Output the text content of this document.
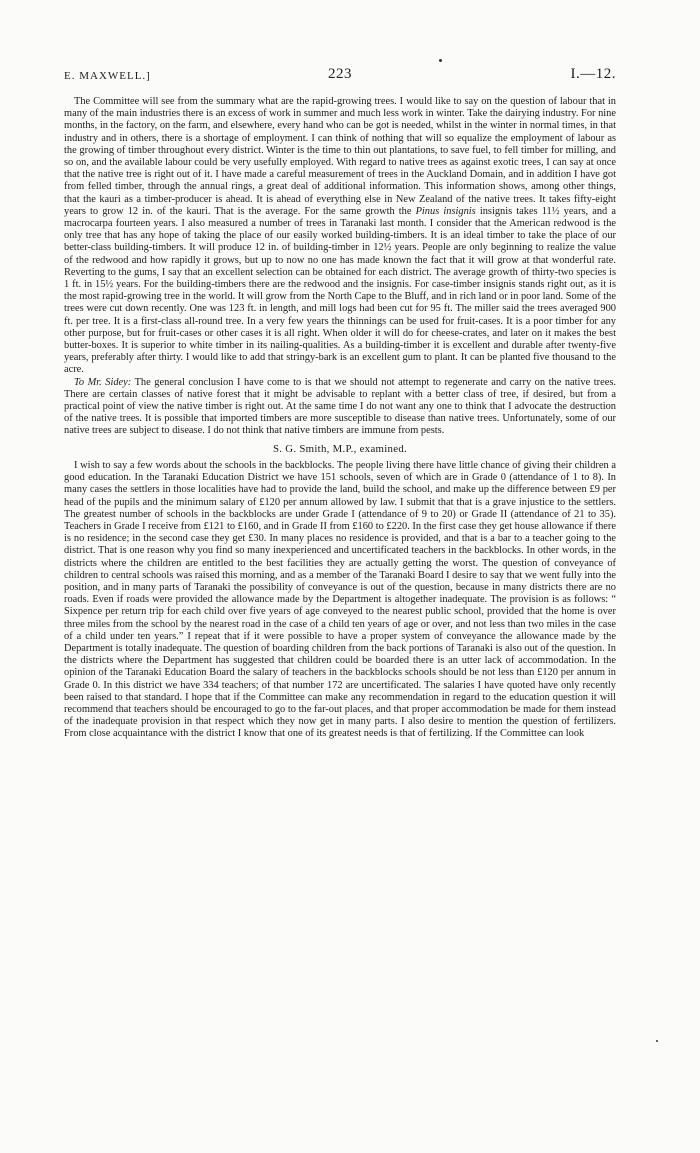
E. MAXWELL.]	223	I.—12.

The Committee will see from the summary what are the rapid-growing trees. I would like to say on the question of labour that in many of the main industries there is an excess of work in summer and much less work in winter. Take the dairying industry. For nine months, in the factory, on the farm, and elsewhere, every hand who can be got is needed, whilst in the winter in normal times, in that industry and in others, there is a shortage of employment. I can think of nothing that will so equalize the employment of labour as the growing of timber throughout every district. Winter is the time to thin out plantations, to save fuel, to fell timber for milling, and so on, and the available labour could be very usefully employed. With regard to native trees as against exotic trees, I can say at once that the native tree is right out of it. I have made a careful measurement of trees in the Auckland Domain, and in addition I have got from felled timber, through the annual rings, a great deal of additional information. This information shows, among other things, that the kauri as a timber-producer is ahead. It is ahead of everything else in New Zealand of the native trees. It takes fifty-eight years to grow 12 in. of the kauri. That is the average. For the same growth the Pinus insignis insignis takes 11½ years, and a macrocarpa fourteen years. I also measured a number of trees in Taranaki last month. I consider that the American redwood is the only tree that has any hope of taking the place of our easily worked building-timbers. It is an ideal timber to take the place of our better-class building-timbers. It will produce 12 in. of building-timber in 12½ years. People are only beginning to realize the value of the redwood and how rapidly it grows, but up to now no one has made known the fact that it will grow at that wonderful rate. Reverting to the gums, I say that an excellent selection can be obtained for each district. The average growth of thirty-two species is 1 ft. in 15½ years. For the building-timbers there are the redwood and the insignis. For case-timber insignis stands right out, as it is the most rapid-growing tree in the world. It will grow from the North Cape to the Bluff, and in rich land or in poor land. Some of the trees were cut down recently. One was 123 ft. in length, and mill logs had been cut for 95 ft. The miller said the trees averaged 900 ft. per tree. It is a first-class all-round tree. In a very few years the thinnings can be used for fruit-cases. It is a poor timber for any other purpose, but for fruit-cases or other cases it is all right. When older it will do for cheese-crates, and later on it makes the best butter-boxes. It is superior to white timber in its nailing-qualities. As a building-timber it is excellent and durable after twenty-five years, preferably after thirty. I would like to add that stringy-bark is an excellent gum to plant. It can be planted five thousand to the acre.

To Mr. Sidey: The general conclusion I have come to is that we should not attempt to regenerate and carry on the native trees. There are certain classes of native forest that it might be advisable to replant with a better class of tree, if desired, but from a practical point of view the native timber is right out. At the same time I do not want any one to think that I advocate the destruction of the native trees. It is possible that imported timbers are more susceptible to disease than native trees. Unfortunately, some of our native trees are subject to disease. I do not think that native timbers are immune from pests.

S. G. Smith, M.P., examined.

I wish to say a few words about the schools in the backblocks. The people living there have little chance of giving their children a good education. In the Taranaki Education District we have 151 schools, seven of which are in Grade 0 (attendance of 1 to 8). In many cases the settlers in those localities have had to provide the land, build the school, and make up the difference between £9 per head of the pupils and the minimum salary of £120 per annum allowed by law. I submit that that is a grave injustice to the settlers. The greatest number of schools in the backblocks are under Grade I (attendance of 9 to 20) or Grade II (attendance of 21 to 35). Teachers in Grade I receive from £121 to £160, and in Grade II from £160 to £220. In the first case they get house allowance if there is no residence; in the second case they get £30. In many places no residence is provided, and that is a bar to a teacher going to the district. That is one reason why you find so many inexperienced and uncertificated teachers in the backblocks. In other words, in the districts where the children are entitled to the best facilities they are actually getting the worst. The question of conveyance of children to central schools was raised this morning, and as a member of the Taranaki Board I desire to say that we went fully into the position, and in many parts of Taranaki the possibility of conveyance is out of the question, because in many districts there are no roads. Even if roads were provided the allowance made by the Department is altogether inadequate. The provision is as follows: “ Sixpence per return trip for each child over five years of age conveyed to the nearest public school, provided that the home is over three miles from the school by the nearest road in the case of a child ten years of age or over, and not less than two miles in the case of a child under ten years.” I repeat that if it were possible to have a proper system of conveyance the allowance made by the Department is totally inadequate. The question of boarding children from the back portions of Taranaki is also out of the question. In the districts where the Department has suggested that children could be boarded there is an utter lack of accommodation. In the opinion of the Taranaki Education Board the salary of teachers in the backblocks schools should be not less than £120 per annum in Grade 0. In this district we have 334 teachers; of that number 172 are uncertificated. The salaries I have quoted have only recently been raised to that standard. I hope that if the Committee can make any recommendation in regard to the education question it will recommend that teachers should be encouraged to go to the far-out places, and that proper accommodation be made for them instead of the inadequate provision in that respect which they now get in many parts. I also desire to mention the question of fertilizers. From close acquaintance with the district I know that one of its greatest needs is that of fertilizing. If the Committee can look
